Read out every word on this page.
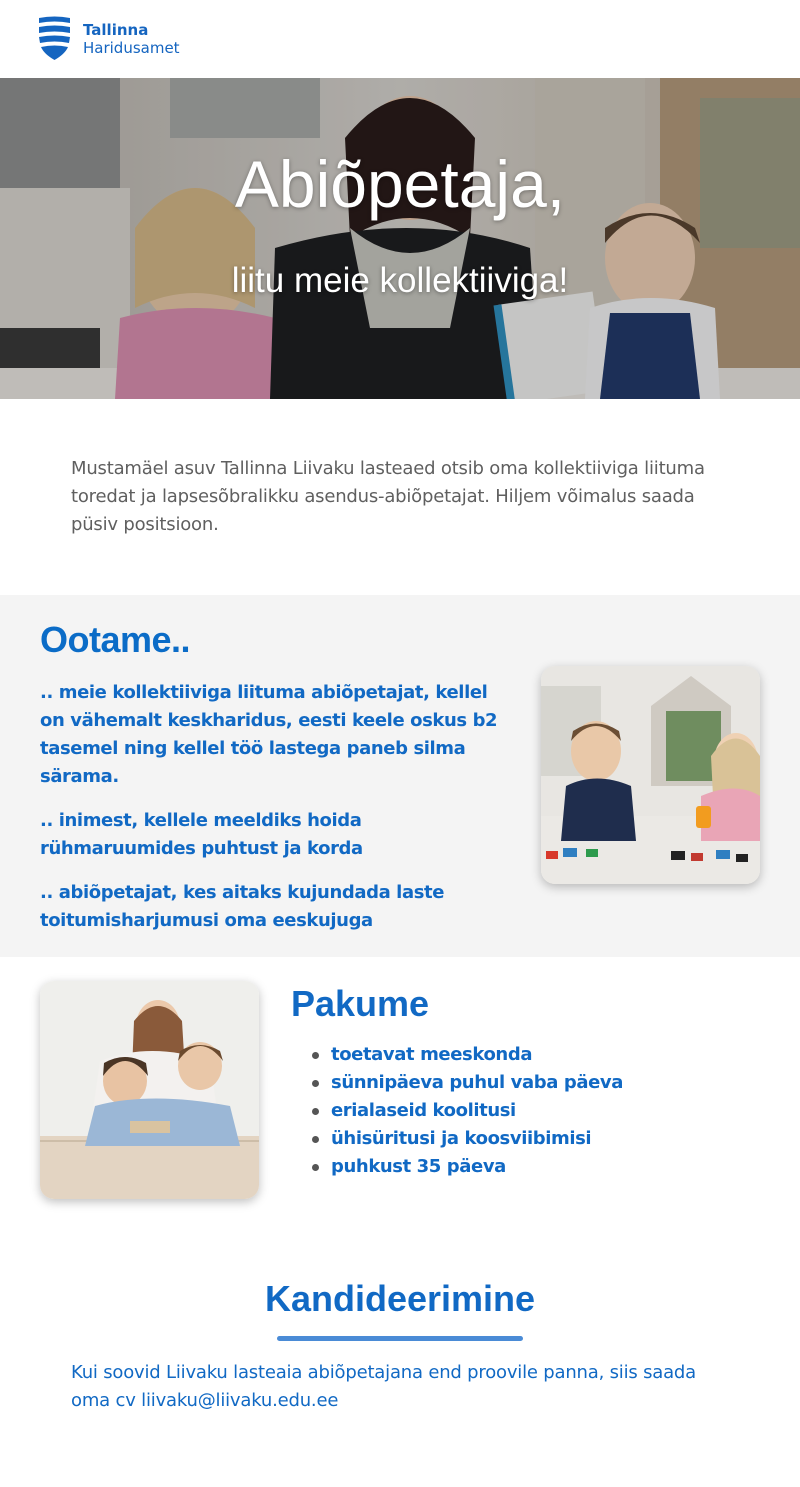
Tallinna
Haridusamet
Abiõpetaja,

liitu meie kollektiiviga!

Mustamäel asuv Tallinna Liivaku lasteaed otsib oma kollektiiviga liituma toredat ja lapsesõbralikku asendus-abiõpetajat. Hiljem võimalus saada püsiv positsioon.

Ootame..

.. meie kollektiiviga liituma abiõpetajat, kellel on vähemalt keskharidus, eesti keele oskus b2 tasemel ning kellel töö lastega paneb silma särama.

.. inimest, kellele meeldiks hoida rühmaruumides puhtust ja korda

.. abiõpetajat, kes aitaks kujundada laste toitumisharjumusi oma eeskujuga

Pakume
toetavat meeskonda
sünnipäeva puhul vaba päeva
erialaseid koolitusi
ühisüritusi ja koosviibimisi
puhkust 35 päeva
Kandideerimine

Kui soovid Liivaku lasteaia abiõpetajana end proovile panna, siis saada oma cv liivaku@liivaku.edu.ee
